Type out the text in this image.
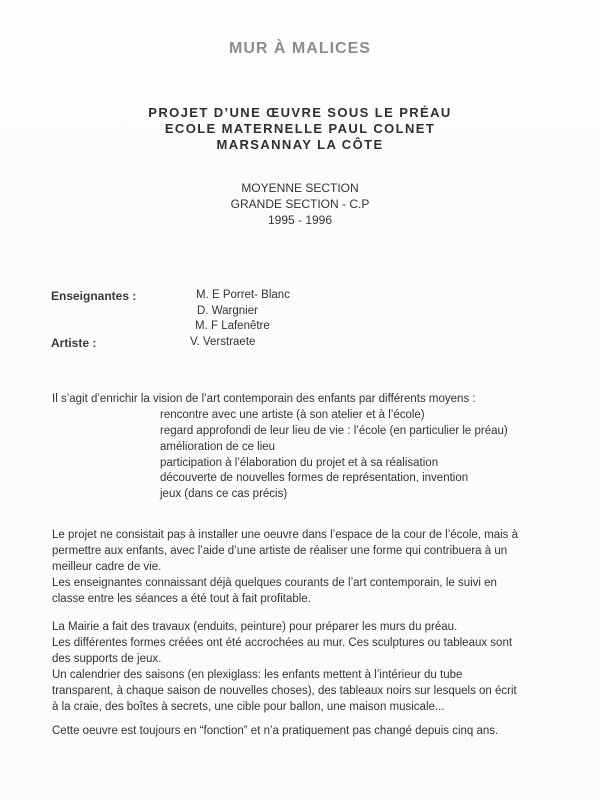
MUR À MALICES
PROJET D’UNE ŒUVRE SOUS LE PRÉAU
ECOLE MATERNELLE PAUL COLNET
MARSANNAY LA CÔTE
MOYENNE SECTION
GRANDE SECTION - C.P
1995 - 1996
Enseignantes :	M. E Porret- Blanc
D. Wargnier
M. F Lafenêtre
Artiste :	V. Verstraete
Il s’agit d’enrichir la vision de l’art contemporain des enfants par différents moyens :
rencontre avec une artiste (à son atelier et à l’école)
regard approfondi de leur lieu de vie : l’école (en particulier le préau)
amélioration de ce lieu
participation à l’élaboration du projet et à sa réalisation
découverte de nouvelles formes de représentation, invention
jeux (dans ce cas précis)
Le projet ne consistait pas à installer une oeuvre dans l’espace de la cour de l’école, mais à
permettre aux enfants, avec l’aide d’une artiste de réaliser une forme qui contribuera à un
meilleur cadre de vie.
Les enseignantes connaissant déjà quelques courants de l’art contemporain, le suivi en
classe entre les séances a été tout à fait profitable.
La Mairie a fait des travaux (enduits, peinture) pour préparer les murs du préau.
Les différentes formes créées ont été accrochées au mur. Ces sculptures ou tableaux sont
des supports de jeux.
Un calendrier des saisons (en plexiglass: les enfants mettent à l’intérieur du tube
transparent, à chaque saison de nouvelles choses), des tableaux noirs sur lesquels on écrit
à la craie, des boîtes à secrets, une cible pour ballon, une maison musicale...
Cette oeuvre est toujours en “fonction” et n’a pratiquement pas changé depuis cinq ans.
